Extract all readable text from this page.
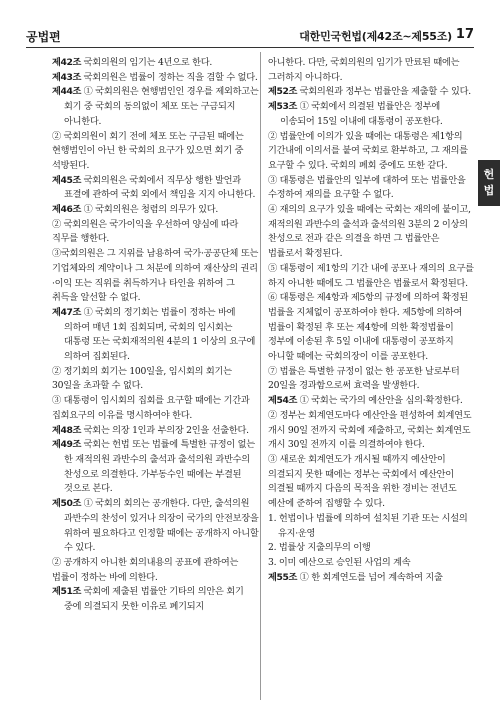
공법편	대한민국헌법(제42조~제55조) 17
헌
법

제42조 국회의원의 임기는 4년으로 한다.

제43조 국회의원은 법률이 정하는 직을 겸할 수 없다.

제44조 ① 국회의원은 현행범인인 경우를 제외하고는 회기 중 국회의 동의없이 체포 또는 구금되지 아니한다.

② 국회의원이 회기 전에 체포 또는 구금된 때에는 현행범인이 아닌 한 국회의 요구가 있으면 회기 중 석방된다.

제45조 국회의원은 국회에서 직무상 행한 발언과 표결에 관하여 국회 외에서 책임을 지지 아니한다.

제46조 ① 국회의원은 청렴의 의무가 있다.

② 국회의원은 국가이익을 우선하여 양심에 따라 직무를 행한다.

③국회의원은 그 지위를 남용하여 국가·공공단체 또는 기업체와의 계약이나 그 처분에 의하여 재산상의 권리·이익 또는 직위를 취득하거나 타인을 위하여 그 취득을 알선할 수 없다.

제47조 ① 국회의 정기회는 법률이 정하는 바에 의하여 매년 1회 집회되며, 국회의 임시회는 대통령 또는 국회재적의원 4분의 1 이상의 요구에 의하여 집회된다.

② 정기회의 회기는 100일을, 임시회의 회기는 30일을 초과할 수 없다.

③ 대통령이 임시회의 집회를 요구할 때에는 기간과 집회요구의 이유를 명시하여야 한다.

제48조 국회는 의장 1인과 부의장 2인을 선출한다.

제49조 국회는 헌법 또는 법률에 특별한 규정이 없는 한 재적의원 과반수의 출석과 출석의원 과반수의 찬성으로 의결한다. 가부동수인 때에는 부결된 것으로 본다.

제50조 ① 국회의 회의는 공개한다. 다만, 출석의원 과반수의 찬성이 있거나 의장이 국가의 안전보장을 위하여 필요하다고 인정할 때에는 공개하지 아니할 수 있다.

② 공개하지 아니한 회의내용의 공표에 관하여는 법률이 정하는 바에 의한다.

제51조 국회에 제출된 법률안 기타의 의안은 회기 중에 의결되지 못한 이유로 폐기되지

아니한다. 다만, 국회의원의 임기가 만료된 때에는 그러하지 아니하다.

제52조 국회의원과 정부는 법률안을 제출할 수 있다.

제53조 ① 국회에서 의결된 법률안은 정부에 이송되어 15일 이내에 대통령이 공포한다.

② 법률안에 이의가 있을 때에는 대통령은 제1항의 기간내에 이의서를 붙여 국회로 환부하고, 그 재의를 요구할 수 있다. 국회의 폐회 중에도 또한 같다.

③ 대통령은 법률안의 일부에 대하여 또는 법률안을 수정하여 재의를 요구할 수 없다.

④ 재의의 요구가 있을 때에는 국회는 재의에 붙이고, 재적의원 과반수의 출석과 출석의원 3분의 2 이상의 찬성으로 전과 같은 의결을 하면 그 법률안은 법률로서 확정된다.

⑤ 대통령이 제1항의 기간 내에 공포나 재의의 요구를 하지 아니한 때에도 그 법률안은 법률로서 확정된다.

⑥ 대통령은 제4항과 제5항의 규정에 의하여 확정된 법률을 지체없이 공포하여야 한다. 제5항에 의하여 법률이 확정된 후 또는 제4항에 의한 확정법률이 정부에 이송된 후 5일 이내에 대통령이 공포하지 아니할 때에는 국회의장이 이를 공포한다.

⑦ 법률은 특별한 규정이 없는 한 공포한 날로부터 20일을 경과함으로써 효력을 발생한다.

제54조 ① 국회는 국가의 예산안을 심의·확정한다.

② 정부는 회계연도마다 예산안을 편성하여 회계연도 개시 90일 전까지 국회에 제출하고, 국회는 회계연도 개시 30일 전까지 이를 의결하여야 한다.

③ 새로운 회계연도가 개시될 때까지 예산안이 의결되지 못한 때에는 정부는 국회에서 예산안이 의결될 때까지 다음의 목적을 위한 경비는 전년도 예산에 준하여 집행할 수 있다.

1. 헌법이나 법률에 의하여 설치된 기관 또는 시설의 유지·운영

2. 법률상 지출의무의 이행

3. 이미 예산으로 승인된 사업의 계속

제55조 ① 한 회계연도를 넘어 계속하여 지출
